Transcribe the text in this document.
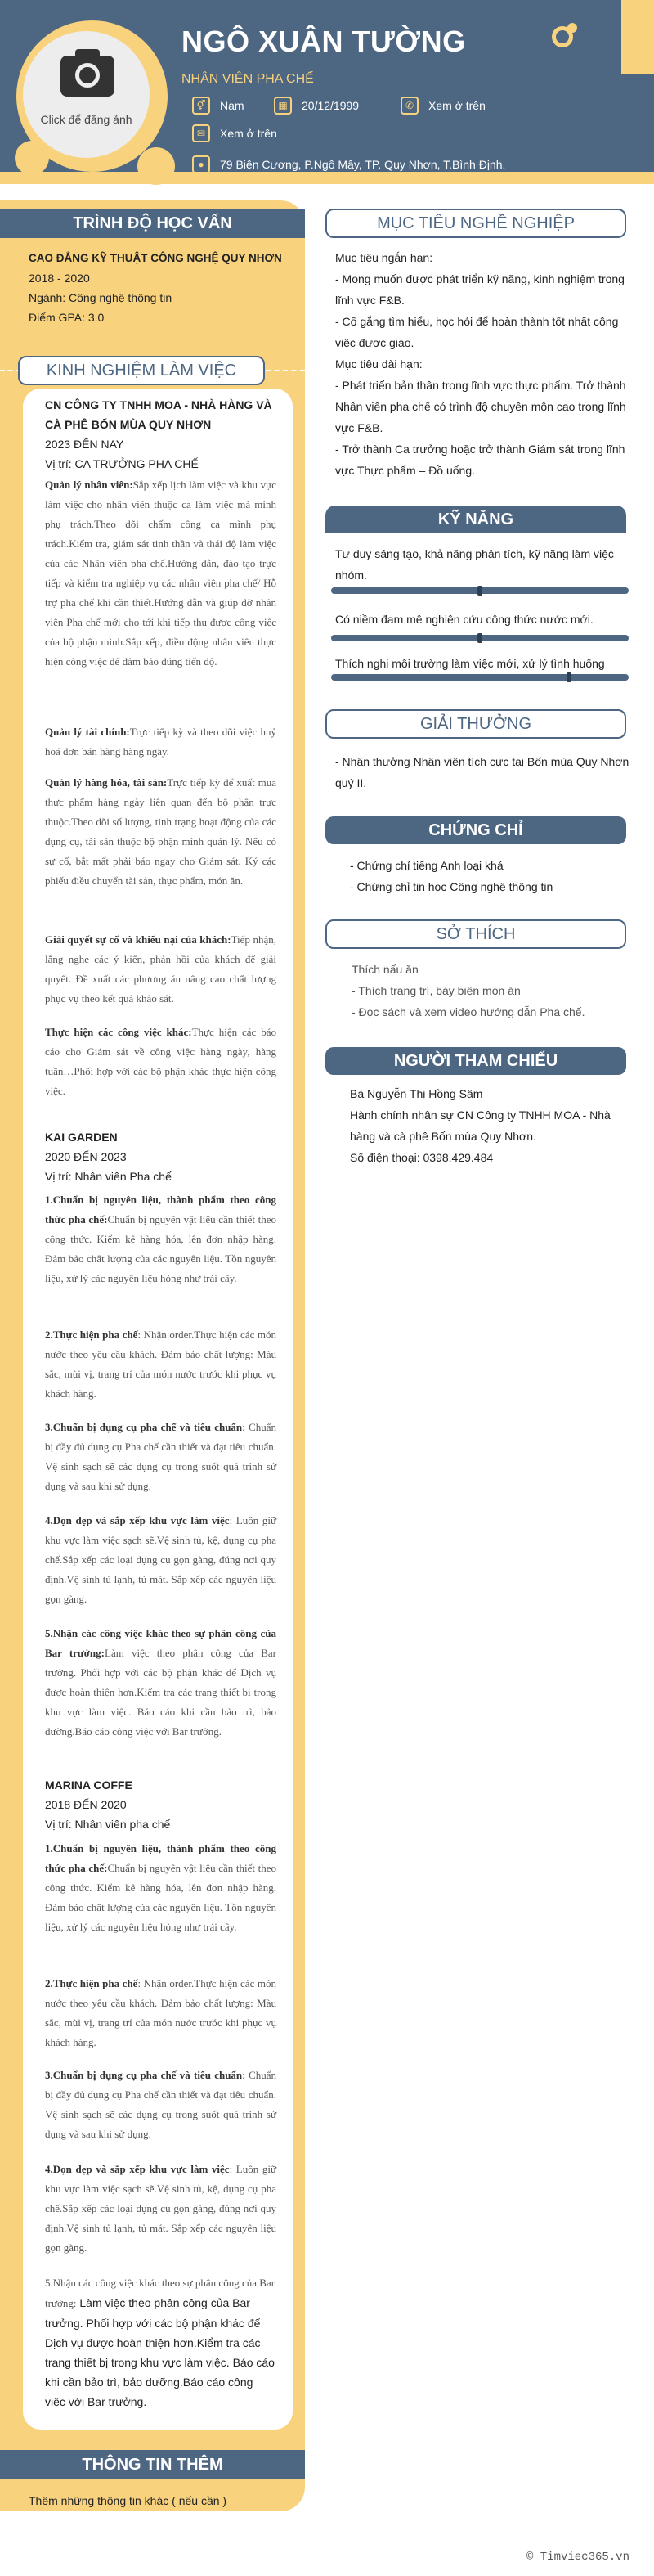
Click để đăng ảnh
NGÔ XUÂN TƯỜNG
NHÂN VIÊN PHA CHẾ
⚥	Nam	▦	20/12/1999	✆	Xem ở trên
✉	Xem ở trên
●	79 Biên Cương, P.Ngô Mây, TP. Quy Nhơn, T.Bình Định.
TRÌNH ĐỘ HỌC VẤN
CAO ĐẲNG KỸ THUẬT CÔNG NGHỆ QUY NHƠN
2018 - 2020
Ngành: Công nghệ thông tin
Điểm GPA: 3.0
KINH NGHIỆM LÀM VIỆC
CN CÔNG TY TNHH MOA - NHÀ HÀNG VÀ
CÀ PHÊ BỐN MÙA QUY NHƠN
2023 ĐẾN NAY
Vị trí: CA TRƯỞNG PHA CHẾ
Quản lý nhân viên:Sắp xếp lịch làm việc và khu vực làm việc cho nhân viên thuộc ca làm việc mà mình phụ trách.Theo dõi chấm công ca mình phụ trách.Kiểm tra, giám sát tinh thần và thái độ làm việc của các Nhân viên pha chế.Hướng dẫn, đào tạo trực tiếp và kiểm tra nghiệp vụ các nhân viên pha chế/ Hỗ trợ pha chế khi cần thiết.Hướng dẫn và giúp đỡ nhân viên Pha chế mới cho tới khi tiếp thu được công việc của bộ phận mình.Sắp xếp, điều động nhân viên thực hiện công việc để đảm bảo đúng tiến độ.
Quản lý tài chính:Trực tiếp kỳ và theo dõi việc huỷ hoá đơn bán hàng hàng ngày.
Quản lý hàng hóa, tài sản:Trực tiếp kỳ để xuất mua thực phẩm hàng ngày liên quan đến bộ phận trực thuộc.Theo dõi số lượng, tình trạng hoạt động của các dụng cụ, tài sản thuộc bộ phận mình quản lý. Nếu có sự cố, bắt mất phải báo ngay cho Giám sát. Ký các phiếu điều chuyển tài sản, thực phẩm, món ăn.
Giải quyết sự cố và khiếu nại của khách:Tiếp nhận, lắng nghe các ý kiến, phản hồi của khách để giải quyết. Đề xuất các phương án nâng cao chất lượng phục vụ theo kết quả khảo sát.
Thực hiện các công việc khác:Thực hiện các báo cáo cho Giám sát về công việc hàng ngày, hàng tuần…Phối hợp với các bộ phận khác thực hiện công việc.
KAI GARDEN
2020 ĐẾN 2023
Vị trí: Nhân viên Pha chế
1.Chuẩn bị nguyên liệu, thành phẩm theo công thức pha chế:Chuẩn bị nguyên vật liệu cần thiết theo công thức. Kiểm kê hàng hóa, lên đơn nhập hàng. Đảm bảo chất lượng của các nguyên liệu. Tồn nguyên liệu, xử lý các nguyên liệu hỏng như trái cây.
2.Thực hiện pha chế: Nhận order.Thực hiện các món nước theo yêu cầu khách. Đảm bảo chất lượng: Màu sắc, mùi vị, trang trí của món nước trước khi phục vụ khách hàng.
3.Chuẩn bị dụng cụ pha chế và tiêu chuẩn: Chuẩn bị đầy đủ dụng cụ Pha chế cần thiết và đạt tiêu chuẩn. Vệ sinh sạch sẽ các dụng cụ trong suốt quá trình sử dụng và sau khi sử dụng.
4.Dọn dẹp và sắp xếp khu vực làm việc: Luôn giữ khu vực làm việc sạch sẽ.Vệ sinh tủ, kệ, dụng cụ pha chế.Sắp xếp các loại dụng cụ gọn gàng, đúng nơi quy định.Vệ sinh tủ lạnh, tủ mát. Sắp xếp các nguyên liệu gọn gàng.
5.Nhận các công việc khác theo sự phân công của Bar trưởng:Làm việc theo phân công của Bar trưởng. Phối hợp với các bộ phận khác để Dịch vụ được hoàn thiện hơn.Kiểm tra các trang thiết bị trong khu vực làm việc. Báo cáo khi cần bảo trì, bảo dưỡng.Báo cáo công việc với Bar trưởng.
MARINA COFFE
2018 ĐẾN 2020
Vị trí: Nhân viên pha chế
1.Chuẩn bị nguyên liệu, thành phẩm theo công thức pha chế:Chuẩn bị nguyên vật liệu cần thiết theo công thức. Kiểm kê hàng hóa, lên đơn nhập hàng. Đảm bảo chất lượng của các nguyên liệu. Tồn nguyên liệu, xử lý các nguyên liệu hỏng như trái cây.
2.Thực hiện pha chế: Nhận order.Thực hiện các món nước theo yêu cầu khách. Đảm bảo chất lượng: Màu sắc, mùi vị, trang trí của món nước trước khi phục vụ khách hàng.
3.Chuẩn bị dụng cụ pha chế và tiêu chuẩn: Chuẩn bị đầy đủ dụng cụ Pha chế cần thiết và đạt tiêu chuẩn. Vệ sinh sạch sẽ các dụng cụ trong suốt quá trình sử dụng và sau khi sử dụng.
4.Dọn dẹp và sắp xếp khu vực làm việc: Luôn giữ khu vực làm việc sạch sẽ.Vệ sinh tủ, kệ, dụng cụ pha chế.Sắp xếp các loại dụng cụ gọn gàng, đúng nơi quy định.Vệ sinh tủ lạnh, tủ mát. Sắp xếp các nguyên liệu gọn gàng.
5.Nhận các công việc khác theo sự phân công của Bar trưởng: Làm việc theo phân công của Bar trưởng. Phối hợp với các bộ phận khác để Dịch vụ được hoàn thiện hơn.Kiểm tra các trang thiết bị trong khu vực làm việc. Báo cáo khi cần bảo trì, bảo dưỡng.Báo cáo công việc với Bar trưởng.
THÔNG TIN THÊM
Thêm những thông tin khác ( nếu cần )
MỤC TIÊU NGHỀ NGHIỆP
Mục tiêu ngắn hạn:
- Mong muốn được phát triển kỹ năng, kinh nghiệm trong
lĩnh vực F&B.
- Cố gắng tìm hiểu, học hỏi để hoàn thành tốt nhất công
việc được giao.
Mục tiêu dài hạn:
- Phát triển bản thân trong lĩnh vực thực phẩm. Trở thành
Nhân viên pha chế có trình độ chuyên môn cao trong lĩnh
vực F&B.
- Trở thành Ca trưởng hoặc trở thành Giám sát trong lĩnh
vực Thực phẩm – Đồ uống.
KỸ NĂNG
Tư duy sáng tạo, khả năng phân tích, kỹ năng làm việc
nhóm.
Có niềm đam mê nghiên cứu công thức nước mới.
Thích nghi môi trường làm việc mới, xử lý tình huống
GIẢI THƯỞNG
- Nhân thưởng Nhân viên tích cực tại Bốn mùa Quy Nhơn
quý II.
CHỨNG CHỈ
- Chứng chỉ tiếng Anh loại khá
- Chứng chỉ tin học Công nghệ thông tin
SỞ THÍCH
Thích nấu ăn
- Thích trang trí, bày biện món ăn
- Đọc sách và xem video hướng dẫn Pha chế.
NGƯỜI THAM CHIẾU
Bà Nguyễn Thị Hồng Sâm
Hành chính nhân sự CN Công ty TNHH MOA - Nhà
hàng và cà phê Bốn mùa Quy Nhơn.
Số điện thoại: 0398.429.484
© Timviec365.vn
